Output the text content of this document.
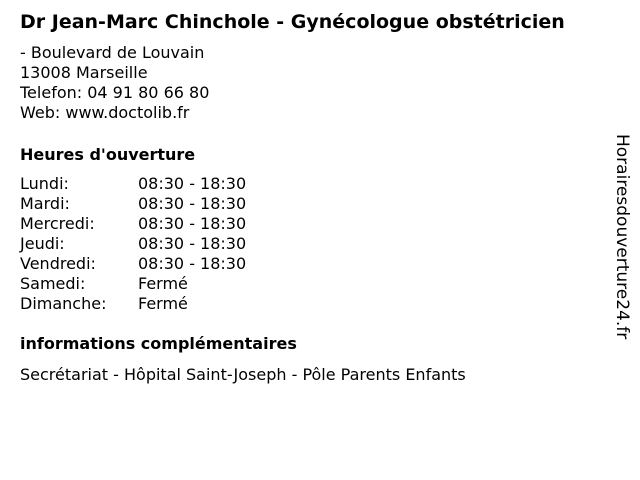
Dr Jean-Marc Chinchole - Gynécologue obstétricien
- Boulevard de Louvain
13008 Marseille
Telefon: 04 91 80 66 80
Web: www.doctolib.fr
Heures d'ouverture
Lundi:	08:30 - 18:30
Mardi:	08:30 - 18:30
Mercredi:	08:30 - 18:30
Jeudi:	08:30 - 18:30
Vendredi:	08:30 - 18:30
Samedi:	Fermé
Dimanche: Fermé
informations complémentaires
Secrétariat - Hôpital Saint-Joseph - Pôle Parents Enfants
Horairesdouverture24.fr
